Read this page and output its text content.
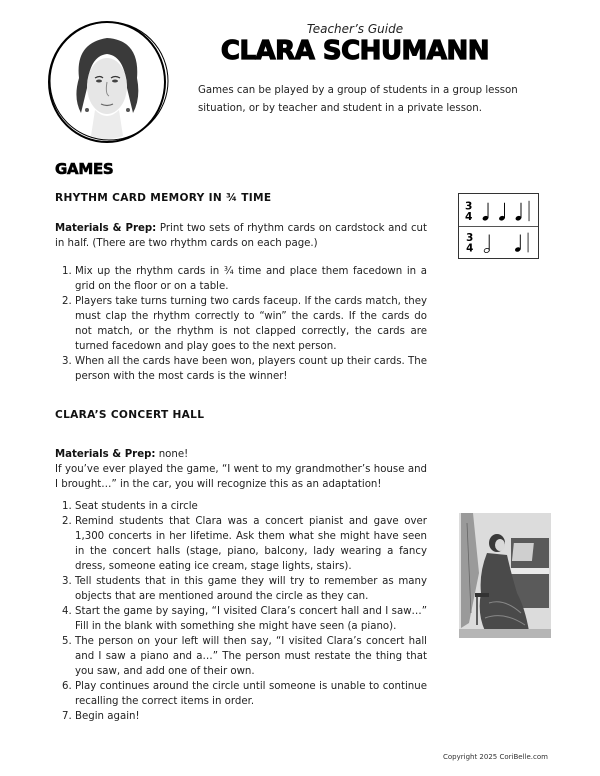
Teacher’s Guide
CLARA SCHUMANN
Games can be played by a group of students in a group lesson situation, or by teacher and student in a private lesson.
GAMES
RHYTHM CARD MEMORY IN ¾ TIME
Materials & Prep: Print two sets of rhythm cards on cardstock and cut in half. (There are two rhythm cards on each page.)
1. Mix up the rhythm cards in ¾ time and place them facedown in a grid on the floor or on a table.
2. Players take turns turning two cards faceup. If the cards match, they must clap the rhythm correctly to “win” the cards. If the cards do not match, or the rhythm is not clapped correctly, the cards are turned facedown and play goes to the next person.
3. When all the cards have been won, players count up their cards. The person with the most cards is the winner!
3
4
3
4
CLARA’S CONCERT HALL
Materials & Prep: none!
If you’ve ever played the game, “I went to my grandmother’s house and I brought…” in the car, you will recognize this as an adaptation!
1. Seat students in a circle
2. Remind students that Clara was a concert pianist and gave over 1,300 concerts in her lifetime. Ask them what she might have seen in the concert halls (stage, piano, balcony, lady wearing a fancy dress, someone eating ice cream, stage lights, stairs).
3. Tell students that in this game they will try to remember as many objects that are mentioned around the circle as they can.
4. Start the game by saying, “I visited Clara’s concert hall and I saw…” Fill in the blank with something she might have seen (a piano).
5. The person on your left will then say, “I visited Clara’s concert hall and I saw a piano and a…” The person must restate the thing that you saw, and add one of their own.
6. Play continues around the circle until someone is unable to continue recalling the correct items in order.
7. Begin again!
Copyright 2025 CoriBelle.com
